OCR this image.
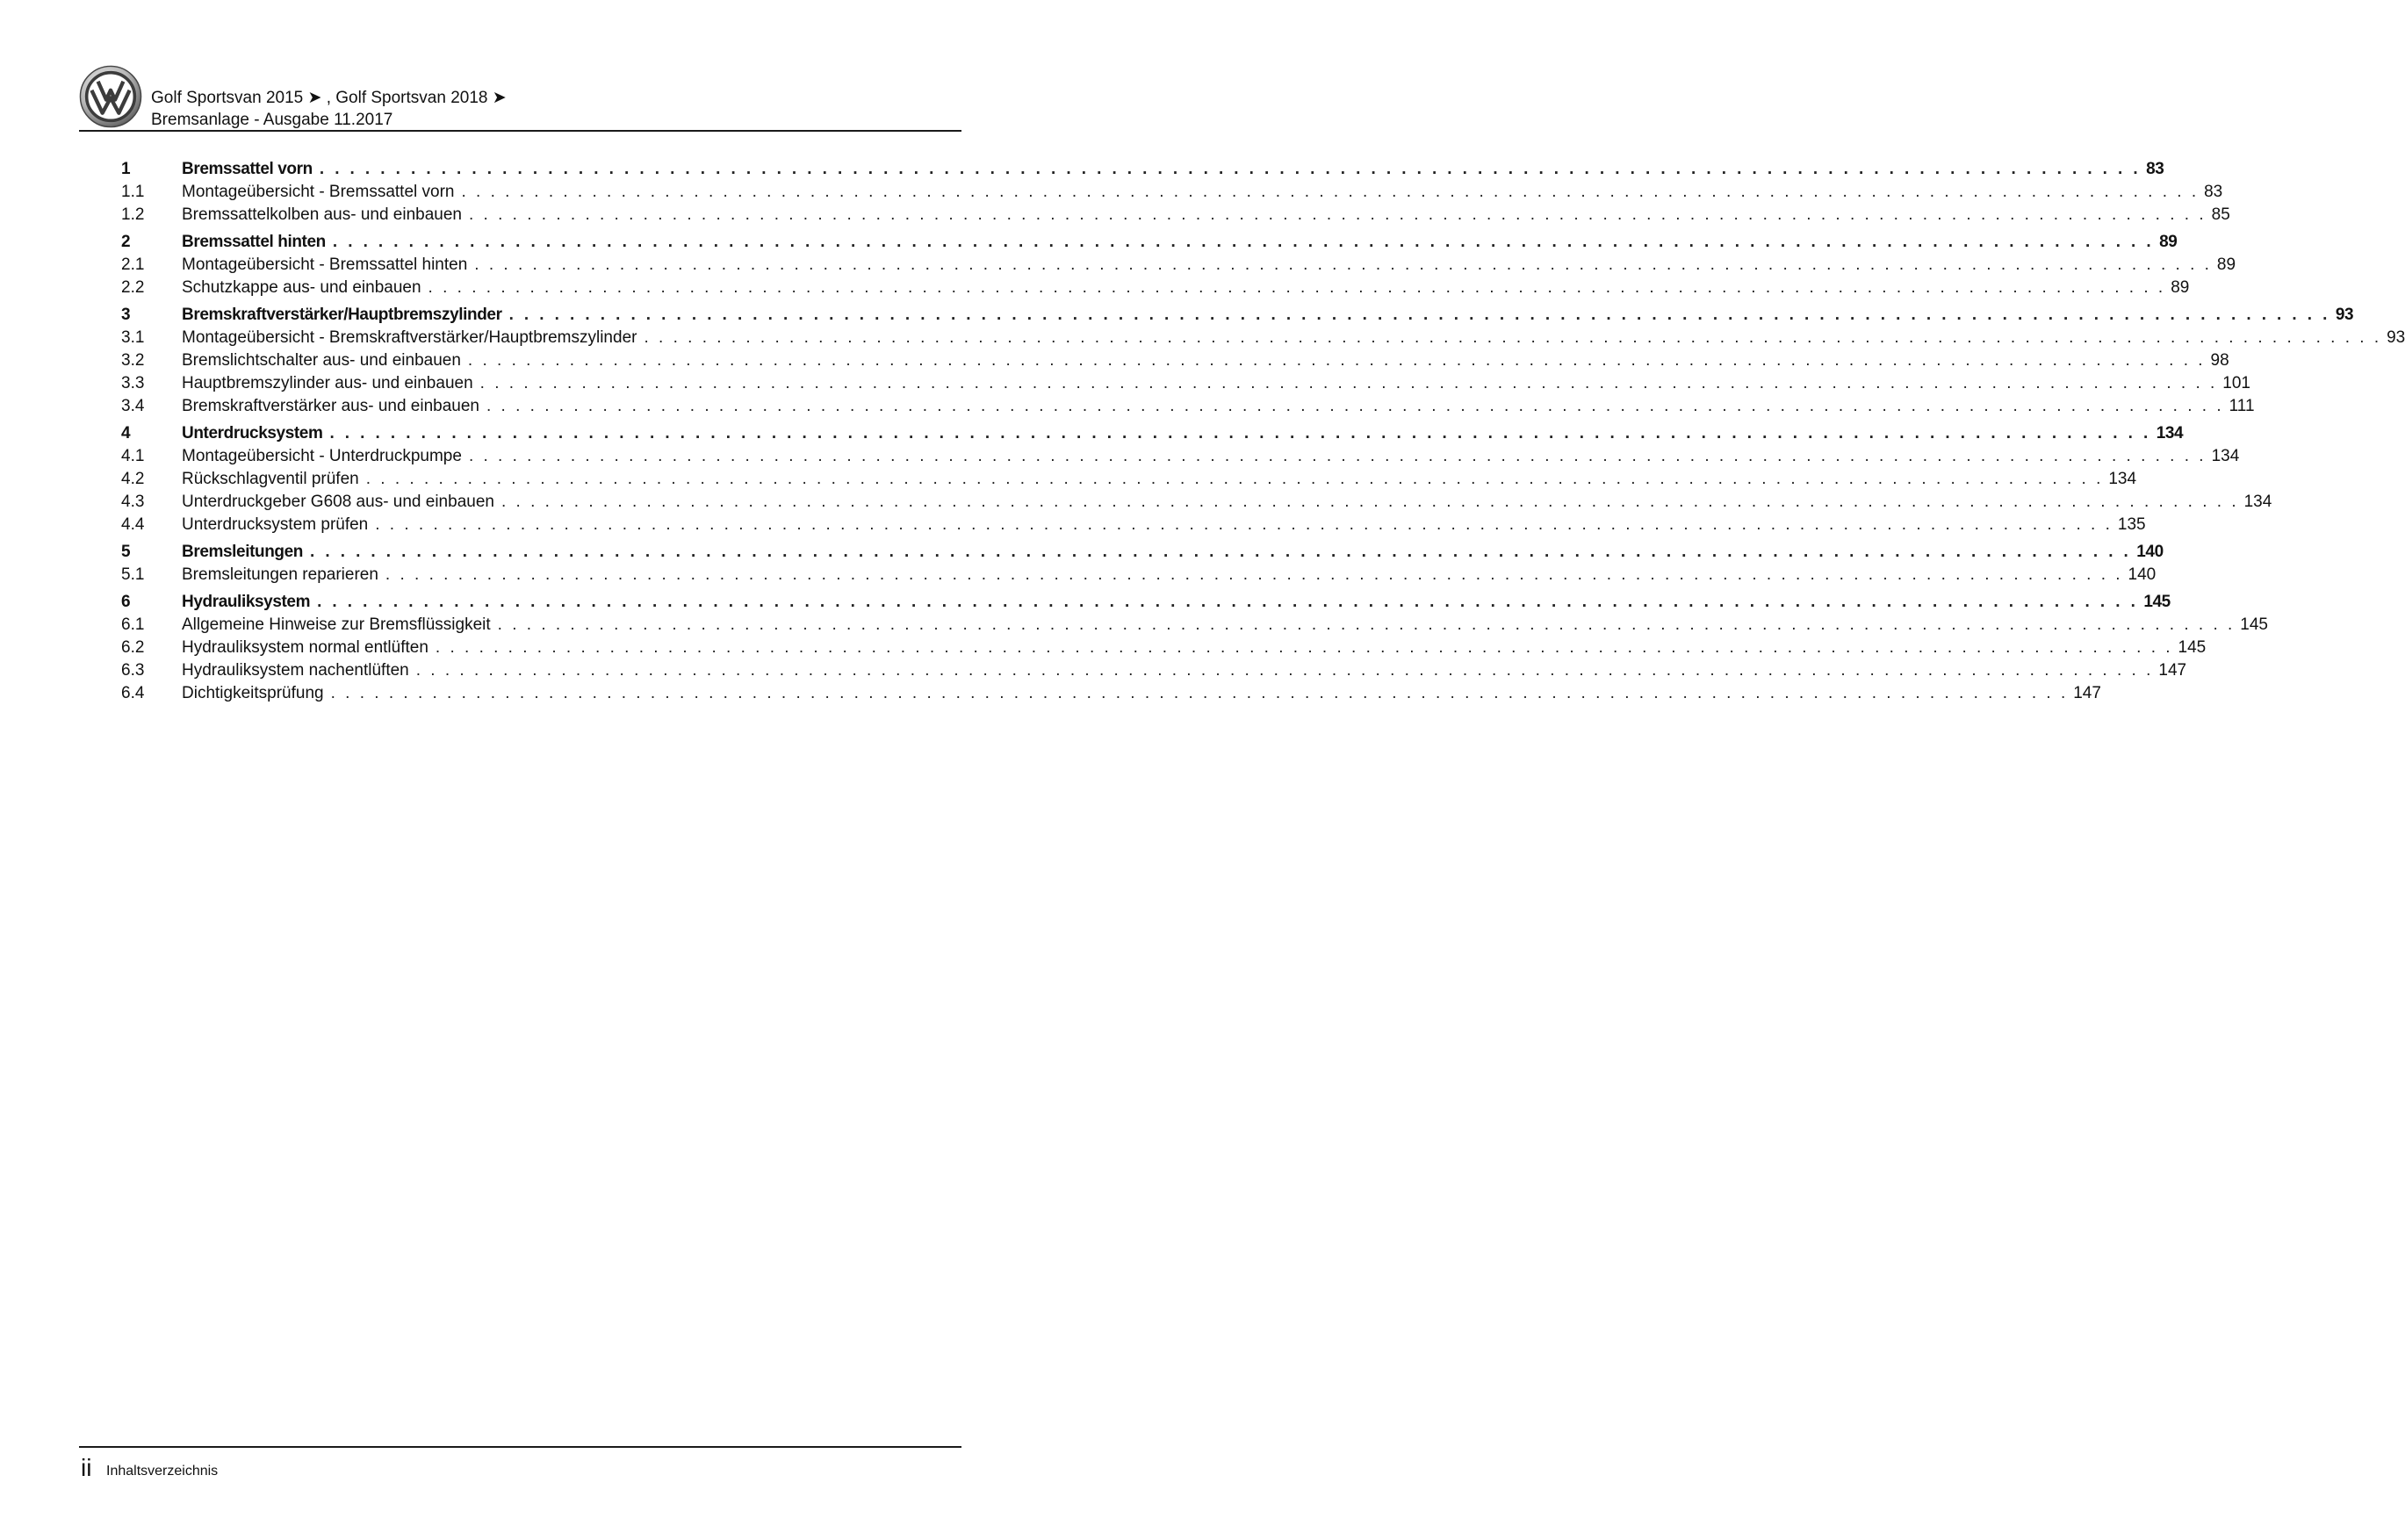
Golf Sportsvan 2015 ➤ , Golf Sportsvan 2018 ➤
Bremsanlage - Ausgabe 11.2017
1	Bremssattel vorn . . . . . . . . . . . . . . . . . . . . . . . . . . . . . . . . . . . . . . . . . . . . . . . . . . . . . . . . . . . . . . . . . . . . . . . . . . . . . . . . . . . . . . . . . . . . . . . . . . . . . . . . . . . . . . . . . . . . . . . . 83
1.1	Montageübersicht - Bremssattel vorn . . . . . . . . . . . . . . . . . . . . . . . . . . . . . . . . . . . . . . . . . . . . . . . . . . . . . . . . . . . . . . . . . . . . . . . . . . . . . . . . . . . . . . . . . . . . . . . . . . . . . . . . . . . . . . . . . . . . . . . . 83
1.2	Bremssattelkolben aus- und einbauen . . . . . . . . . . . . . . . . . . . . . . . . . . . . . . . . . . . . . . . . . . . . . . . . . . . . . . . . . . . . . . . . . . . . . . . . . . . . . . . . . . . . . . . . . . . . . . . . . . . . . . . . . . . . . . . . . . . . . . . . 85
2	Bremssattel hinten . . . . . . . . . . . . . . . . . . . . . . . . . . . . . . . . . . . . . . . . . . . . . . . . . . . . . . . . . . . . . . . . . . . . . . . . . . . . . . . . . . . . . . . . . . . . . . . . . . . . . . . . . . . . . . . . . . . . . . . . 89
2.1	Montageübersicht - Bremssattel hinten . . . . . . . . . . . . . . . . . . . . . . . . . . . . . . . . . . . . . . . . . . . . . . . . . . . . . . . . . . . . . . . . . . . . . . . . . . . . . . . . . . . . . . . . . . . . . . . . . . . . . . . . . . . . . . . . . . . . . . . . 89
2.2	Schutzkappe aus- und einbauen . . . . . . . . . . . . . . . . . . . . . . . . . . . . . . . . . . . . . . . . . . . . . . . . . . . . . . . . . . . . . . . . . . . . . . . . . . . . . . . . . . . . . . . . . . . . . . . . . . . . . . . . . . . . . . . . . . . . . . . . 89
3	Bremskraftverstärker/Hauptbremszylinder . . . . . . . . . . . . . . . . . . . . . . . . . . . . . . . . . . . . . . . . . . . . . . . . . . . . . . . . . . . . . . . . . . . . . . . . . . . . . . . . . . . . . . . . . . . . . . . . . . . . . . . . . . . . . . . . . . . . . . . . 93
3.1	Montageübersicht - Bremskraftverstärker/Hauptbremszylinder . . . . . . . . . . . . . . . . . . . . . . . . . . . . . . . . . . . . . . . . . . . . . . . . . . . . . . . . . . . . . . . . . . . . . . . . . . . . . . . . . . . . . . . . . . . . . . . . . . . . . . . . . . . . . . . . . . . . . . . . 93
3.2	Bremslichtschalter aus- und einbauen . . . . . . . . . . . . . . . . . . . . . . . . . . . . . . . . . . . . . . . . . . . . . . . . . . . . . . . . . . . . . . . . . . . . . . . . . . . . . . . . . . . . . . . . . . . . . . . . . . . . . . . . . . . . . . . . . . . . . . . . 98
3.3	Hauptbremszylinder aus- und einbauen . . . . . . . . . . . . . . . . . . . . . . . . . . . . . . . . . . . . . . . . . . . . . . . . . . . . . . . . . . . . . . . . . . . . . . . . . . . . . . . . . . . . . . . . . . . . . . . . . . . . . . . . . . . . . . . . . . . . . . . . 101
3.4	Bremskraftverstärker aus- und einbauen . . . . . . . . . . . . . . . . . . . . . . . . . . . . . . . . . . . . . . . . . . . . . . . . . . . . . . . . . . . . . . . . . . . . . . . . . . . . . . . . . . . . . . . . . . . . . . . . . . . . . . . . . . . . . . . . . . . . . . . . 111
4	Unterdrucksystem . . . . . . . . . . . . . . . . . . . . . . . . . . . . . . . . . . . . . . . . . . . . . . . . . . . . . . . . . . . . . . . . . . . . . . . . . . . . . . . . . . . . . . . . . . . . . . . . . . . . . . . . . . . . . . . . . . . . . . . . 134
4.1	Montageübersicht - Unterdruckpumpe . . . . . . . . . . . . . . . . . . . . . . . . . . . . . . . . . . . . . . . . . . . . . . . . . . . . . . . . . . . . . . . . . . . . . . . . . . . . . . . . . . . . . . . . . . . . . . . . . . . . . . . . . . . . . . . . . . . . . . . . 134
4.2	Rückschlagventil prüfen . . . . . . . . . . . . . . . . . . . . . . . . . . . . . . . . . . . . . . . . . . . . . . . . . . . . . . . . . . . . . . . . . . . . . . . . . . . . . . . . . . . . . . . . . . . . . . . . . . . . . . . . . . . . . . . . . . . . . . . . 134
4.3	Unterdruckgeber G608 aus- und einbauen . . . . . . . . . . . . . . . . . . . . . . . . . . . . . . . . . . . . . . . . . . . . . . . . . . . . . . . . . . . . . . . . . . . . . . . . . . . . . . . . . . . . . . . . . . . . . . . . . . . . . . . . . . . . . . . . . . . . . . . . 134
4.4	Unterdrucksystem prüfen . . . . . . . . . . . . . . . . . . . . . . . . . . . . . . . . . . . . . . . . . . . . . . . . . . . . . . . . . . . . . . . . . . . . . . . . . . . . . . . . . . . . . . . . . . . . . . . . . . . . . . . . . . . . . . . . . . . . . . . . 135
5	Bremsleitungen . . . . . . . . . . . . . . . . . . . . . . . . . . . . . . . . . . . . . . . . . . . . . . . . . . . . . . . . . . . . . . . . . . . . . . . . . . . . . . . . . . . . . . . . . . . . . . . . . . . . . . . . . . . . . . . . . . . . . . . . 140
5.1	Bremsleitungen reparieren . . . . . . . . . . . . . . . . . . . . . . . . . . . . . . . . . . . . . . . . . . . . . . . . . . . . . . . . . . . . . . . . . . . . . . . . . . . . . . . . . . . . . . . . . . . . . . . . . . . . . . . . . . . . . . . . . . . . . . . . 140
6	Hydrauliksystem . . . . . . . . . . . . . . . . . . . . . . . . . . . . . . . . . . . . . . . . . . . . . . . . . . . . . . . . . . . . . . . . . . . . . . . . . . . . . . . . . . . . . . . . . . . . . . . . . . . . . . . . . . . . . . . . . . . . . . . . 145
6.1	Allgemeine Hinweise zur Bremsflüssigkeit . . . . . . . . . . . . . . . . . . . . . . . . . . . . . . . . . . . . . . . . . . . . . . . . . . . . . . . . . . . . . . . . . . . . . . . . . . . . . . . . . . . . . . . . . . . . . . . . . . . . . . . . . . . . . . . . . . . . . . . . 145
6.2	Hydrauliksystem normal entlüften . . . . . . . . . . . . . . . . . . . . . . . . . . . . . . . . . . . . . . . . . . . . . . . . . . . . . . . . . . . . . . . . . . . . . . . . . . . . . . . . . . . . . . . . . . . . . . . . . . . . . . . . . . . . . . . . . . . . . . . . 145
6.3	Hydrauliksystem nachentlüften . . . . . . . . . . . . . . . . . . . . . . . . . . . . . . . . . . . . . . . . . . . . . . . . . . . . . . . . . . . . . . . . . . . . . . . . . . . . . . . . . . . . . . . . . . . . . . . . . . . . . . . . . . . . . . . . . . . . . . . . 147
6.4	Dichtigkeitsprüfung . . . . . . . . . . . . . . . . . . . . . . . . . . . . . . . . . . . . . . . . . . . . . . . . . . . . . . . . . . . . . . . . . . . . . . . . . . . . . . . . . . . . . . . . . . . . . . . . . . . . . . . . . . . . . . . . . . . . . . . . 147
ii Inhaltsverzeichnis
